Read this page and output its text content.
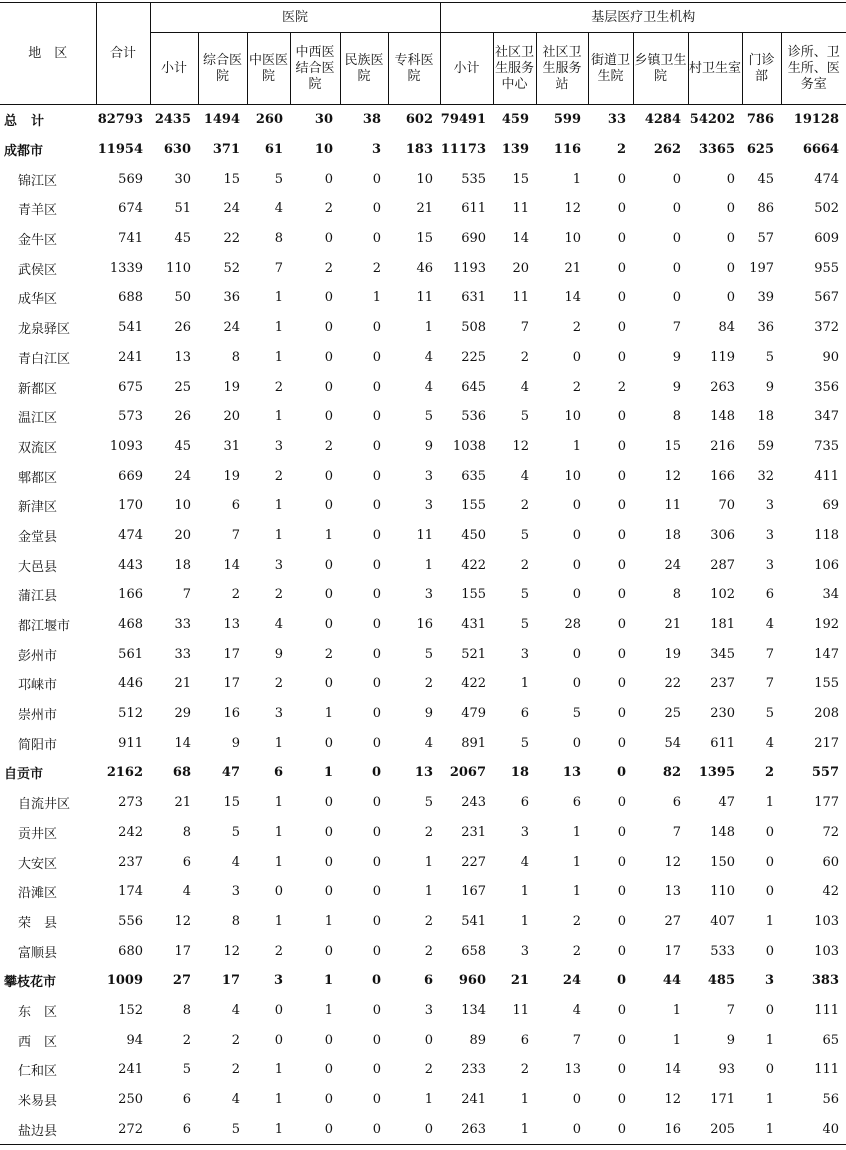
地　区	合计	医院						基层医疗卫生机构							
		小计	综合医院	中医医院	中西医结合医院	民族医院	专科医院	小计	社区卫生服务中心	社区卫生服务站	街道卫生院	乡镇卫生院	村卫生室	门诊部	诊所、卫生所、医务室
总计	82793	2435	1494	260	30	38	602	79491	459	599	33	4284	54202	786	19128
成都市	11954	630	371	61	10	3	183	11173	139	116	2	262	3365	625	6664
锦江区	569	30	15	5	0	0	10	535	15	1	0	0	0	45	474
青羊区	674	51	24	4	2	0	21	611	11	12	0	0	0	86	502
金牛区	741	45	22	8	0	0	15	690	14	10	0	0	0	57	609
武侯区	1339	110	52	7	2	2	46	1193	20	21	0	0	0	197	955
成华区	688	50	36	1	0	1	11	631	11	14	0	0	0	39	567
龙泉驿区	541	26	24	1	0	0	1	508	7	2	0	7	84	36	372
青白江区	241	13	8	1	0	0	4	225	2	0	0	9	119	5	90
新都区	675	25	19	2	0	0	4	645	4	2	2	9	263	9	356
温江区	573	26	20	1	0	0	5	536	5	10	0	8	148	18	347
双流区	1093	45	31	3	2	0	9	1038	12	1	0	15	216	59	735
郫都区	669	24	19	2	0	0	3	635	4	10	0	12	166	32	411
新津区	170	10	6	1	0	0	3	155	2	0	0	11	70	3	69
金堂县	474	20	7	1	1	0	11	450	5	0	0	18	306	3	118
大邑县	443	18	14	3	0	0	1	422	2	0	0	24	287	3	106
蒲江县	166	7	2	2	0	0	3	155	5	0	0	8	102	6	34
都江堰市	468	33	13	4	0	0	16	431	5	28	0	21	181	4	192
彭州市	561	33	17	9	2	0	5	521	3	0	0	19	345	7	147
邛崃市	446	21	17	2	0	0	2	422	1	0	0	22	237	7	155
崇州市	512	29	16	3	1	0	9	479	6	5	0	25	230	5	208
简阳市	911	14	9	1	0	0	4	891	5	0	0	54	611	4	217
自贡市	2162	68	47	6	1	0	13	2067	18	13	0	82	1395	2	557
自流井区	273	21	15	1	0	0	5	243	6	6	0	6	47	1	177
贡井区	242	8	5	1	0	0	2	231	3	1	0	7	148	0	72
大安区	237	6	4	1	0	0	1	227	4	1	0	12	150	0	60
沿滩区	174	4	3	0	0	0	1	167	1	1	0	13	110	0	42
荣　县	556	12	8	1	1	0	2	541	1	2	0	27	407	1	103
富顺县	680	17	12	2	0	0	2	658	3	2	0	17	533	0	103
攀枝花市	1009	27	17	3	1	0	6	960	21	24	0	44	485	3	383
东　区	152	8	4	0	1	0	3	134	11	4	0	1	7	0	111
西　区	94	2	2	0	0	0	0	89	6	7	0	1	9	1	65
仁和区	241	5	2	1	0	0	2	233	2	13	0	14	93	0	111
米易县	250	6	4	1	0	0	1	241	1	0	0	12	171	1	56
盐边县	272	6	5	1	0	0	0	263	1	0	0	16	205	1	40
